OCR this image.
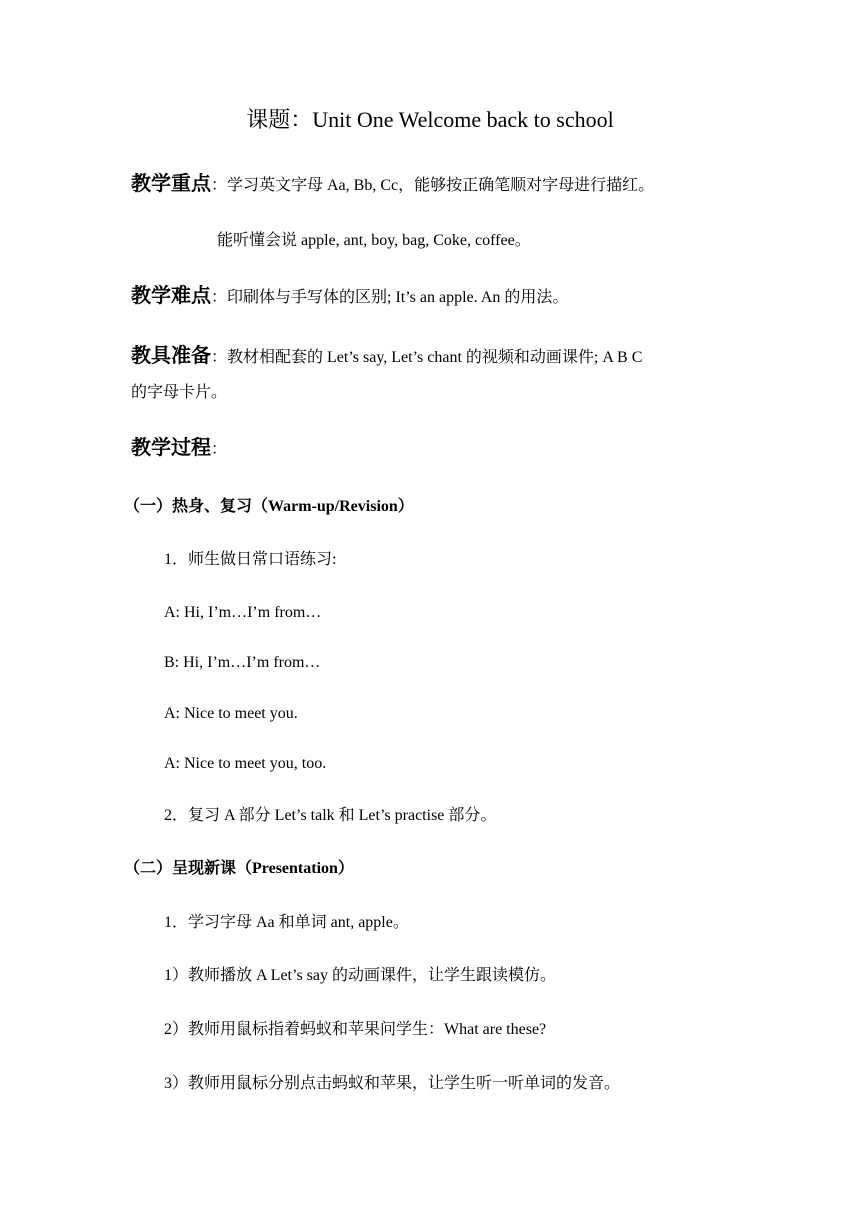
课题：Unit One Welcome back to school
教学重点：学习英文字母 Aa, Bb, Cc，能够按正确笔顺对字母进行描红。
能听懂会说 apple, ant, boy, bag, Coke, coffee。
教学难点：印刷体与手写体的区别; It’s an apple. An 的用法。
教具准备：教材相配套的 Let’s say, Let’s chant 的视频和动画课件; A B C
的字母卡片。
教学过程：
（一）热身、复习（Warm-up/Revision）
1．师生做日常口语练习:
A: Hi, I’m…I’m from…
B: Hi, I’m…I’m from…
A: Nice to meet you.
A: Nice to meet you, too.
2．复习 A 部分 Let’s talk 和 Let’s practise 部分。
（二）呈现新课（Presentation）
1．学习字母 Aa 和单词 ant, apple。
1）教师播放 A Let’s say 的动画课件，让学生跟读模仿。
2）教师用鼠标指着蚂蚁和苹果问学生：What are these?
3）教师用鼠标分别点击蚂蚁和苹果，让学生听一听单词的发音。
